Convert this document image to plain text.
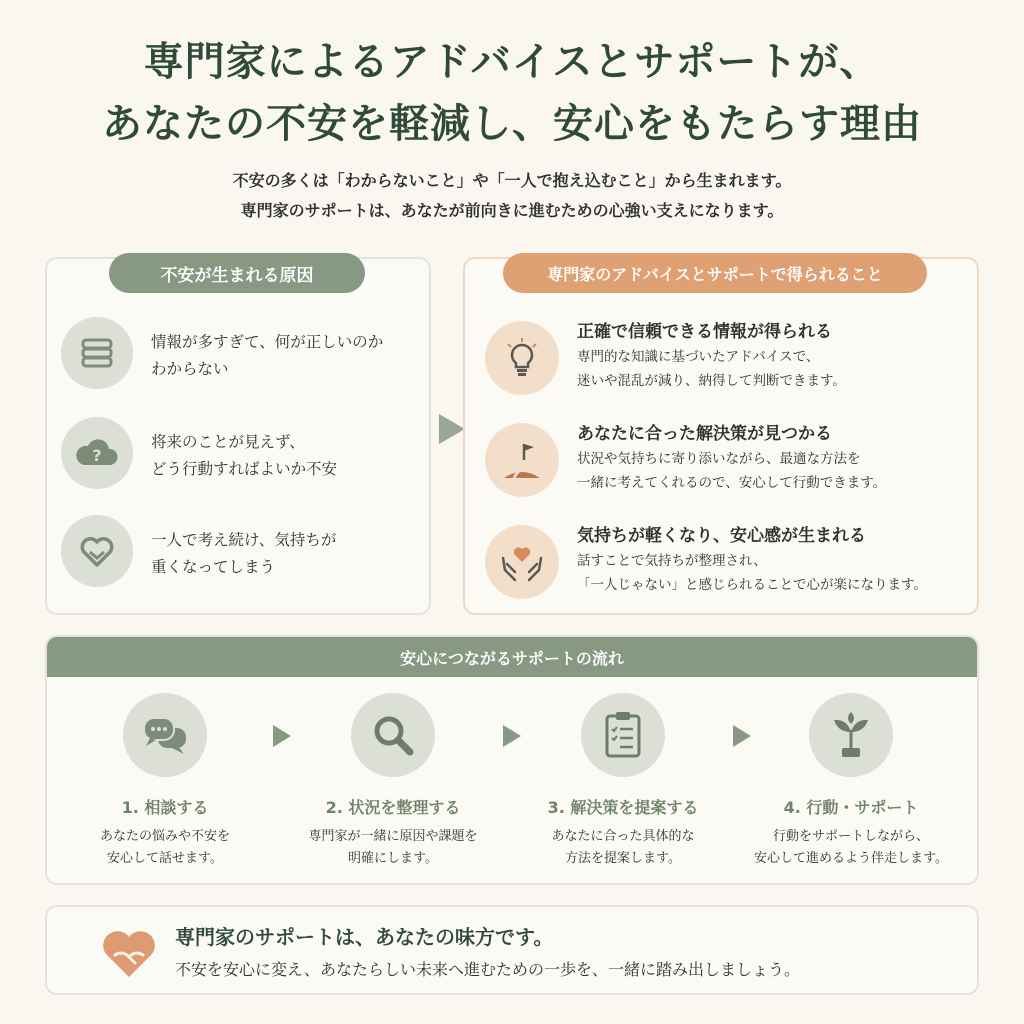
専門家によるアドバイスとサポートが、
あなたの不安を軽減し、安心をもたらす理由
不安の多くは「わからないこと」や「一人で抱え込むこと」から生まれます。
専門家のサポートは、あなたが前向きに進むための心強い支えになります。
不安が生まれる原因
情報が多すぎて、何が正しいのか
わからない
?
将来のことが見えず、
どう行動すればよいか不安
一人で考え続け、気持ちが
重くなってしまう
専門家のアドバイスとサポートで得られること
正確で信頼できる情報が得られる
専門的な知識に基づいたアドバイスで、
迷いや混乱が減り、納得して判断できます。
あなたに合った解決策が見つかる
状況や気持ちに寄り添いながら、最適な方法を
一緒に考えてくれるので、安心して行動できます。
気持ちが軽くなり、安心感が生まれる
話すことで気持ちが整理され、
「一人じゃない」と感じられることで心が楽になります。
安心につながるサポートの流れ
1. 相談する
あなたの悩みや不安を
安心して話せます。
2. 状況を整理する
専門家が一緒に原因や課題を
明確にします。
3. 解決策を提案する
あなたに合った具体的な
方法を提案します。
4. 行動・サポート
行動をサポートしながら、
安心して進めるよう伴走します。
専門家のサポートは、あなたの味方です。
不安を安心に変え、あなたらしい未来へ進むための一歩を、一緒に踏み出しましょう。
